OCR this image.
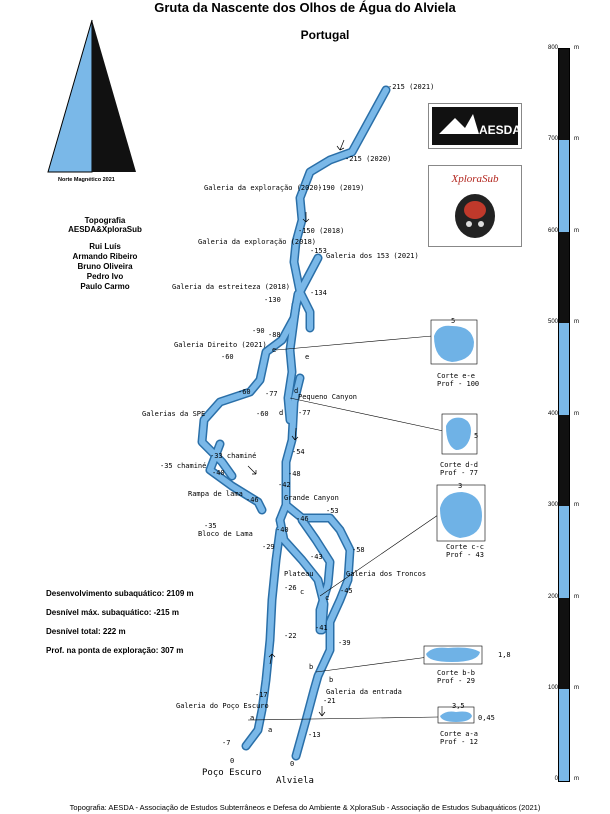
Gruta da Nascente dos Olhos de Água do Alviela
Portugal
Norte Magnético 2021
Topografia
AESDA&XploraSub
Rui Luís
Armando Ribeiro
Bruno Oliveira
Pedro Ivo
Paulo Carmo
AESDA
XploraSub
Desenvolvimento subaquático: 2109 m
Desnível máx. subaquático: -215 m
Desnível total: 222 m
Prof. na ponta de exploração: 307 m
800
700
600
500
400
300
200
100
0
m
m
m
m
m
m
m
m
m
-215 (2021)
-215 (2020)
-190 (2019)
Galeria da exploração (2020)
-150 (2018)
Galeria da exploração (2018)
-153
Galeria dos 153 (2021)
Galeria da estreiteza (2018)
-134
-130
-90 -88
Galeria Direito (2021)
e
e
-60
-60 -77 d
Pequeno Canyon
Galerias da SPE	-60 d -77
-54
-33 chaminé
-35 chaminé
-40	-48
-42
Rampa de lama
-46	Grande Canyon
-53
-46
-35
Bloco de Lama	-40
-29	-58
-43
Plateau	Galeria dos Troncos
-26 c
c
-45
-41
-22
-39
b
b
Galeria da entrada
-17
-21
Galeria do Poço Escuro
a
a
-13
-7
0	0
Poço Escuro
Alviela
5
Corte e-e
Prof - 100
5
Corte d-d
Prof - 77
3
Corte c-c
Prof - 43
1,8
Corte b-b
Prof - 29
3,5
0,45
Corte a-a
Prof - 12
Topografia: AESDA - Associação de Estudos Subterrâneos e Defesa do Ambiente & XploraSub - Associação de Estudos Subaquáticos (2021)
